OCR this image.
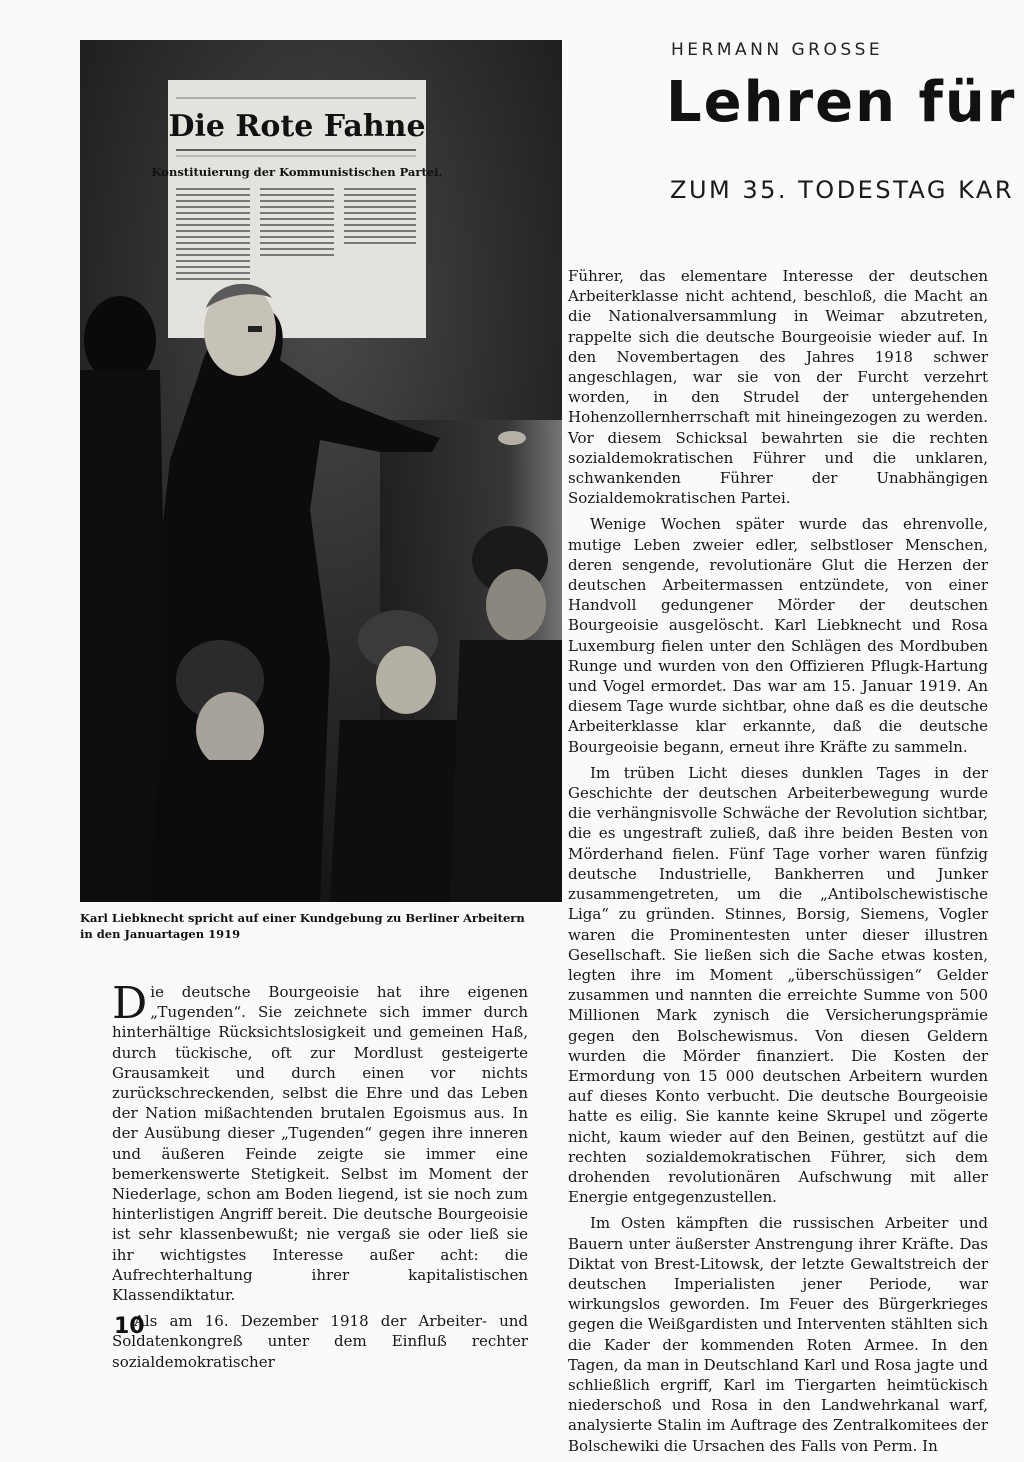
Die Rote Fahne
Konstituierung der Kommunistischen Partei.
Karl Liebknecht spricht auf einer Kundgebung zu Berliner Arbeitern
in den Januartagen 1919
HERMANN GROSSE
Lehren für
ZUM 35. TODESTAG KAR

Die deutsche Bourgeoisie hat ihre eigenen „Tugenden“. Sie zeichnete sich immer durch hinterhältige Rücksichtslosigkeit und gemeinen Haß, durch tückische, oft zur Mordlust gesteigerte Grausamkeit und durch einen vor nichts zurückschreckenden, selbst die Ehre und das Leben der Nation mißachtenden brutalen Egoismus aus. In der Ausübung dieser „Tugenden“ gegen ihre inneren und äußeren Feinde zeigte sie immer eine bemerkenswerte Stetigkeit. Selbst im Moment der Niederlage, schon am Boden liegend, ist sie noch zum hinterlistigen Angriff bereit. Die deutsche Bourgeoisie ist sehr klassenbewußt; nie vergaß sie oder ließ sie ihr wichtigstes Interesse außer acht: die Aufrechterhaltung ihrer kapitalistischen Klassendiktatur.

Als am 16. Dezember 1918 der Arbeiter- und Soldatenkongreß unter dem Einfluß rechter sozialdemokratischer

Führer, das elementare Interesse der deutschen Arbeiterklasse nicht achtend, beschloß, die Macht an die Nationalversammlung in Weimar abzutreten, rappelte sich die deutsche Bourgeoisie wieder auf. In den Novembertagen des Jahres 1918 schwer angeschlagen, war sie von der Furcht verzehrt worden, in den Strudel der untergehenden Hohenzollernherrschaft mit hineingezogen zu werden. Vor diesem Schicksal bewahrten sie die rechten sozialdemokratischen Führer und die unklaren, schwankenden Führer der Unabhängigen Sozialdemokratischen Partei.

Wenige Wochen später wurde das ehrenvolle, mutige Leben zweier edler, selbstloser Menschen, deren sengende, revolutionäre Glut die Herzen der deutschen Arbeitermassen entzündete, von einer Handvoll gedungener Mörder der deutschen Bourgeoisie ausgelöscht. Karl Liebknecht und Rosa Luxemburg fielen unter den Schlägen des Mordbuben Runge und wurden von den Offizieren Pflugk-Hartung und Vogel ermordet. Das war am 15. Januar 1919. An diesem Tage wurde sichtbar, ohne daß es die deutsche Arbeiterklasse klar erkannte, daß die deutsche Bourgeoisie begann, erneut ihre Kräfte zu sammeln.

Im trüben Licht dieses dunklen Tages in der Geschichte der deutschen Arbeiterbewegung wurde die verhängnisvolle Schwäche der Revolution sichtbar, die es ungestraft zuließ, daß ihre beiden Besten von Mörderhand fielen. Fünf Tage vorher waren fünfzig deutsche Industrielle, Bankherren und Junker zusammengetreten, um die „Antibolschewistische Liga“ zu gründen. Stinnes, Borsig, Siemens, Vogler waren die Prominentesten unter dieser illustren Gesellschaft. Sie ließen sich die Sache etwas kosten, legten ihre im Moment „überschüssigen“ Gelder zusammen und nannten die erreichte Summe von 500 Millionen Mark zynisch die Versicherungsprämie gegen den Bolschewismus. Von diesen Geldern wurden die Mörder finanziert. Die Kosten der Ermordung von 15 000 deutschen Arbeitern wurden auf dieses Konto verbucht. Die deutsche Bourgeoisie hatte es eilig. Sie kannte keine Skrupel und zögerte nicht, kaum wieder auf den Beinen, gestützt auf die rechten sozialdemokratischen Führer, sich dem drohenden revolutionären Aufschwung mit aller Energie entgegenzustellen.

Im Osten kämpften die russischen Arbeiter und Bauern unter äußerster Anstrengung ihrer Kräfte. Das Diktat von Brest-Litowsk, der letzte Gewaltstreich der deutschen Imperialisten jener Periode, war wirkungslos geworden. Im Feuer des Bürgerkrieges gegen die Weißgardisten und Interventen stählten sich die Kader der kommenden Roten Armee. In den Tagen, da man in Deutschland Karl und Rosa jagte und schließlich ergriff, Karl im Tiergarten heimtückisch niederschoß und Rosa in den Landwehrkanal warf, analysierte Stalin im Auftrage des Zentralkomitees der Bolschewiki die Ursachen des Falls von Perm. In

10
